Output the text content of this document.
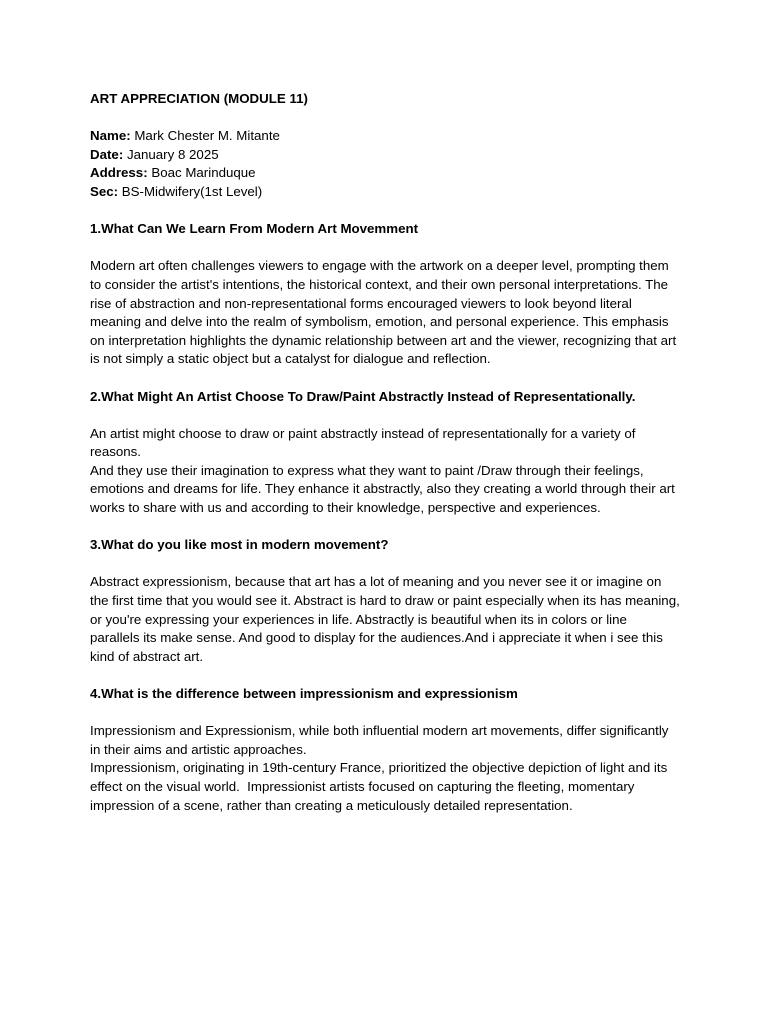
ART APPRECIATION (MODULE 11)
Name: Mark Chester M. Mitante
Date: January 8 2025
Address: Boac Marinduque
Sec: BS-Midwifery(1st Level)
1.What Can We Learn From Modern Art Movemment

Modern art often challenges viewers to engage with the artwork on a deeper level, prompting them to consider the artist's intentions, the historical context, and their own personal interpretations. The rise of abstraction and non-representational forms encouraged viewers to look beyond literal meaning and delve into the realm of symbolism, emotion, and personal experience. This emphasis on interpretation highlights the dynamic relationship between art and the viewer, recognizing that art is not simply a static object but a catalyst for dialogue and reflection.

2.What Might An Artist Choose To Draw/Paint Abstractly Instead of Representationally.

An artist might choose to draw or paint abstractly instead of representationally for a variety of reasons.

And they use their imagination to express what they want to paint /Draw through their feelings, emotions and dreams for life. They enhance it abstractly, also they creating a world through their art works to share with us and according to their knowledge, perspective and experiences.

3.What do you like most in modern movement?

Abstract expressionism, because that art has a lot of meaning and you never see it or imagine on the first time that you would see it. Abstract is hard to draw or paint especially when its has meaning, or you're expressing your experiences in life. Abstractly is beautiful when its in colors or line parallels its make sense. And good to display for the audiences.And i appreciate it when i see this kind of abstract art.

4.What is the difference between impressionism and expressionism

Impressionism and Expressionism, while both influential modern art movements, differ significantly in their aims and artistic approaches.

Impressionism, originating in 19th-century France, prioritized the objective depiction of light and its effect on the visual world.  Impressionist artists focused on capturing the fleeting, momentary impression of a scene, rather than creating a meticulously detailed representation.
